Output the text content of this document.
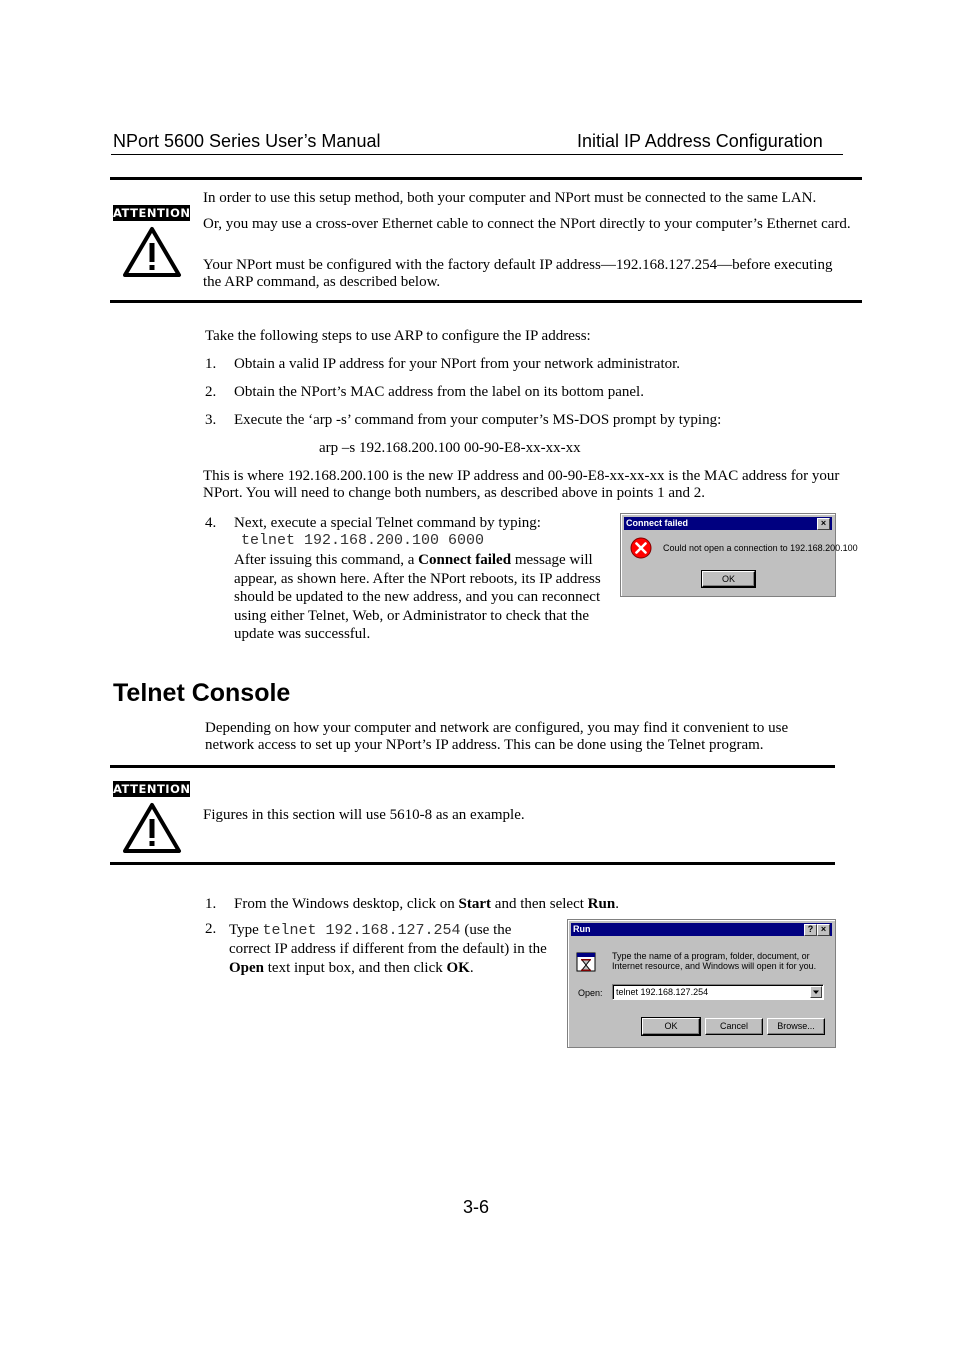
NPort 5600 Series User’s Manual	Initial IP Address Configuration
ATTENTION
In order to use this setup method, both your computer and NPort must be connected to the same LAN.
Or, you may use a cross-over Ethernet cable to connect the NPort directly to your computer’s Ethernet card.
Your NPort must be configured with the factory default IP address—192.168.127.254—before executing the ARP command, as described below.
Take the following steps to use ARP to configure the IP address:
1. Obtain a valid IP address for your NPort from your network administrator.
2. Obtain the NPort’s MAC address from the label on its bottom panel.
3. Execute the ‘arp -s’ command from your computer’s MS-DOS prompt by typing:
arp –s 192.168.200.100 00-90-E8-xx-xx-xx
This is where 192.168.200.100 is the new IP address and 00-90-E8-xx-xx-xx is the MAC address for your NPort. You will need to change both numbers, as described above in points 1 and 2.
4. Next, execute a special Telnet command by typing:
telnet 192.168.200.100 6000
After issuing this command, a Connect failed message will appear, as shown here. After the NPort reboots, its IP address should be updated to the new address, and you can reconnect using either Telnet, Web, or Administrator to check that the update was successful.
Connect failed	×
Could not open a connection to 192.168.200.100
OK
Telnet Console
Depending on how your computer and network are configured, you may find it convenient to use network access to set up your NPort’s IP address. This can be done using the Telnet program.
ATTENTION
Figures in this section will use 5610-8 as an example.
1. From the Windows desktop, click on Start and then select Run.
2. Type telnet 192.168.127.254 (use the correct IP address if different from the default) in the Open text input box, and then click OK.
Run	? ×
Type the name of a program, folder, document, or Internet resource, and Windows will open it for you.
Open: telnet 192.168.127.254
OK	Cancel	Browse...
3-6
